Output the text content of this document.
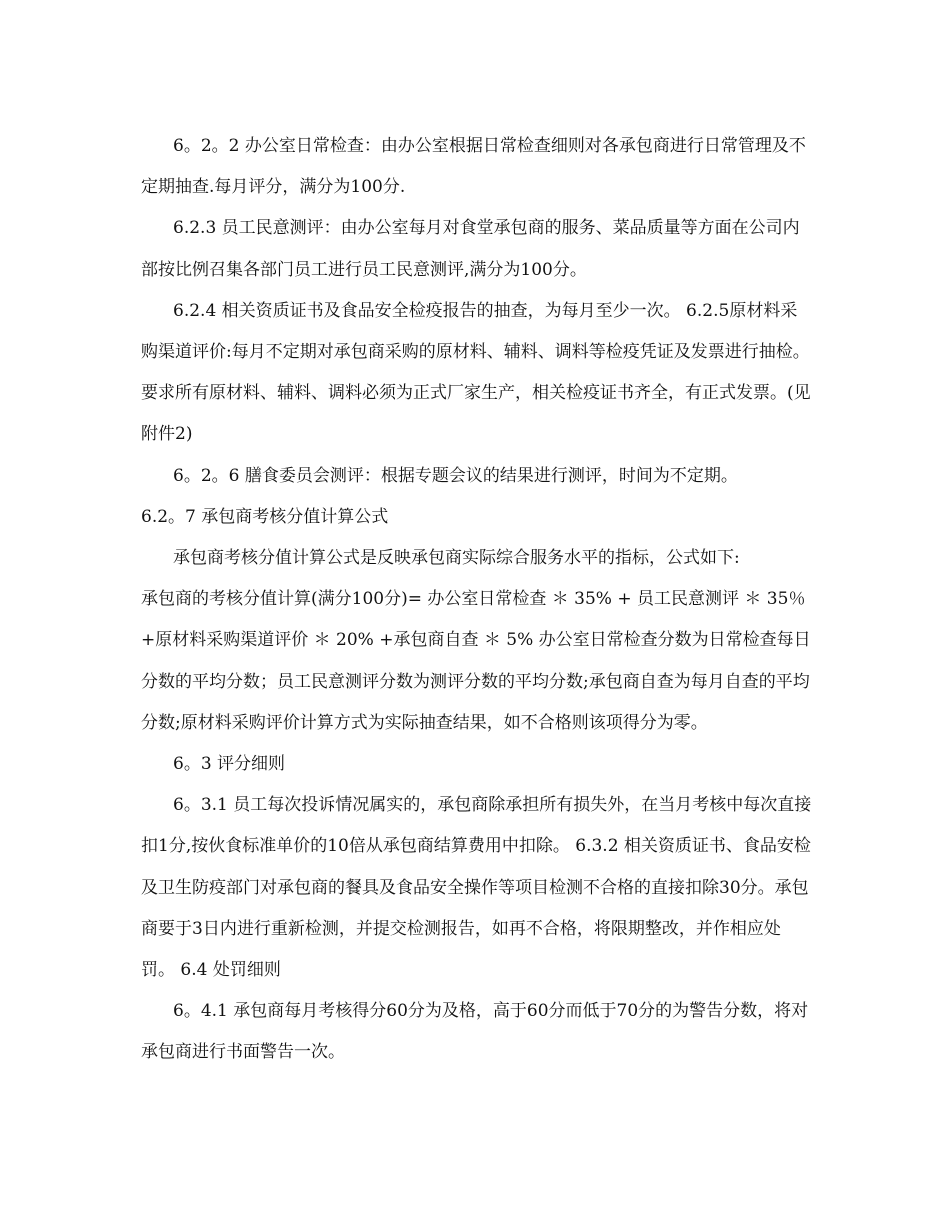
6。2。2 办公室日常检查：由办公室根据日常检查细则对各承包商进行日常管理及不定期抽查.每月评分，满分为100分.

6.2.3 员工民意测评：由办公室每月对食堂承包商的服务、菜品质量等方面在公司内部按比例召集各部门员工进行员工民意测评,满分为100分。

6.2.4 相关资质证书及食品安全检疫报告的抽查，为每月至少一次。 6.2.5原材料采购渠道评价:每月不定期对承包商采购的原材料、辅料、调料等检疫凭证及发票进行抽检。要求所有原材料、辅料、调料必须为正式厂家生产，相关检疫证书齐全，有正式发票。(见附件2)

6。2。6 膳食委员会测评：根据专题会议的结果进行测评，时间为不定期。

6.2。7 承包商考核分值计算公式

承包商考核分值计算公式是反映承包商实际综合服务水平的指标，公式如下:

承包商的考核分值计算(满分100分)= 办公室日常检查 ＊ 35% + 员工民意测评 ＊ 35％ +原材料采购渠道评价 ＊ 20% +承包商自查 ＊ 5% 办公室日常检查分数为日常检查每日分数的平均分数；员工民意测评分数为测评分数的平均分数;承包商自查为每月自查的平均分数;原材料采购评价计算方式为实际抽查结果，如不合格则该项得分为零。

6。3 评分细则

6。3.1 员工每次投诉情况属实的，承包商除承担所有损失外，在当月考核中每次直接扣1分,按伙食标准单价的10倍从承包商结算费用中扣除。 6.3.2 相关资质证书、食品安检及卫生防疫部门对承包商的餐具及食品安全操作等项目检测不合格的直接扣除30分。承包商要于3日内进行重新检测，并提交检测报告，如再不合格，将限期整改，并作相应处罚。 6.4 处罚细则

6。4.1 承包商每月考核得分60分为及格，高于60分而低于70分的为警告分数，将对承包商进行书面警告一次。
